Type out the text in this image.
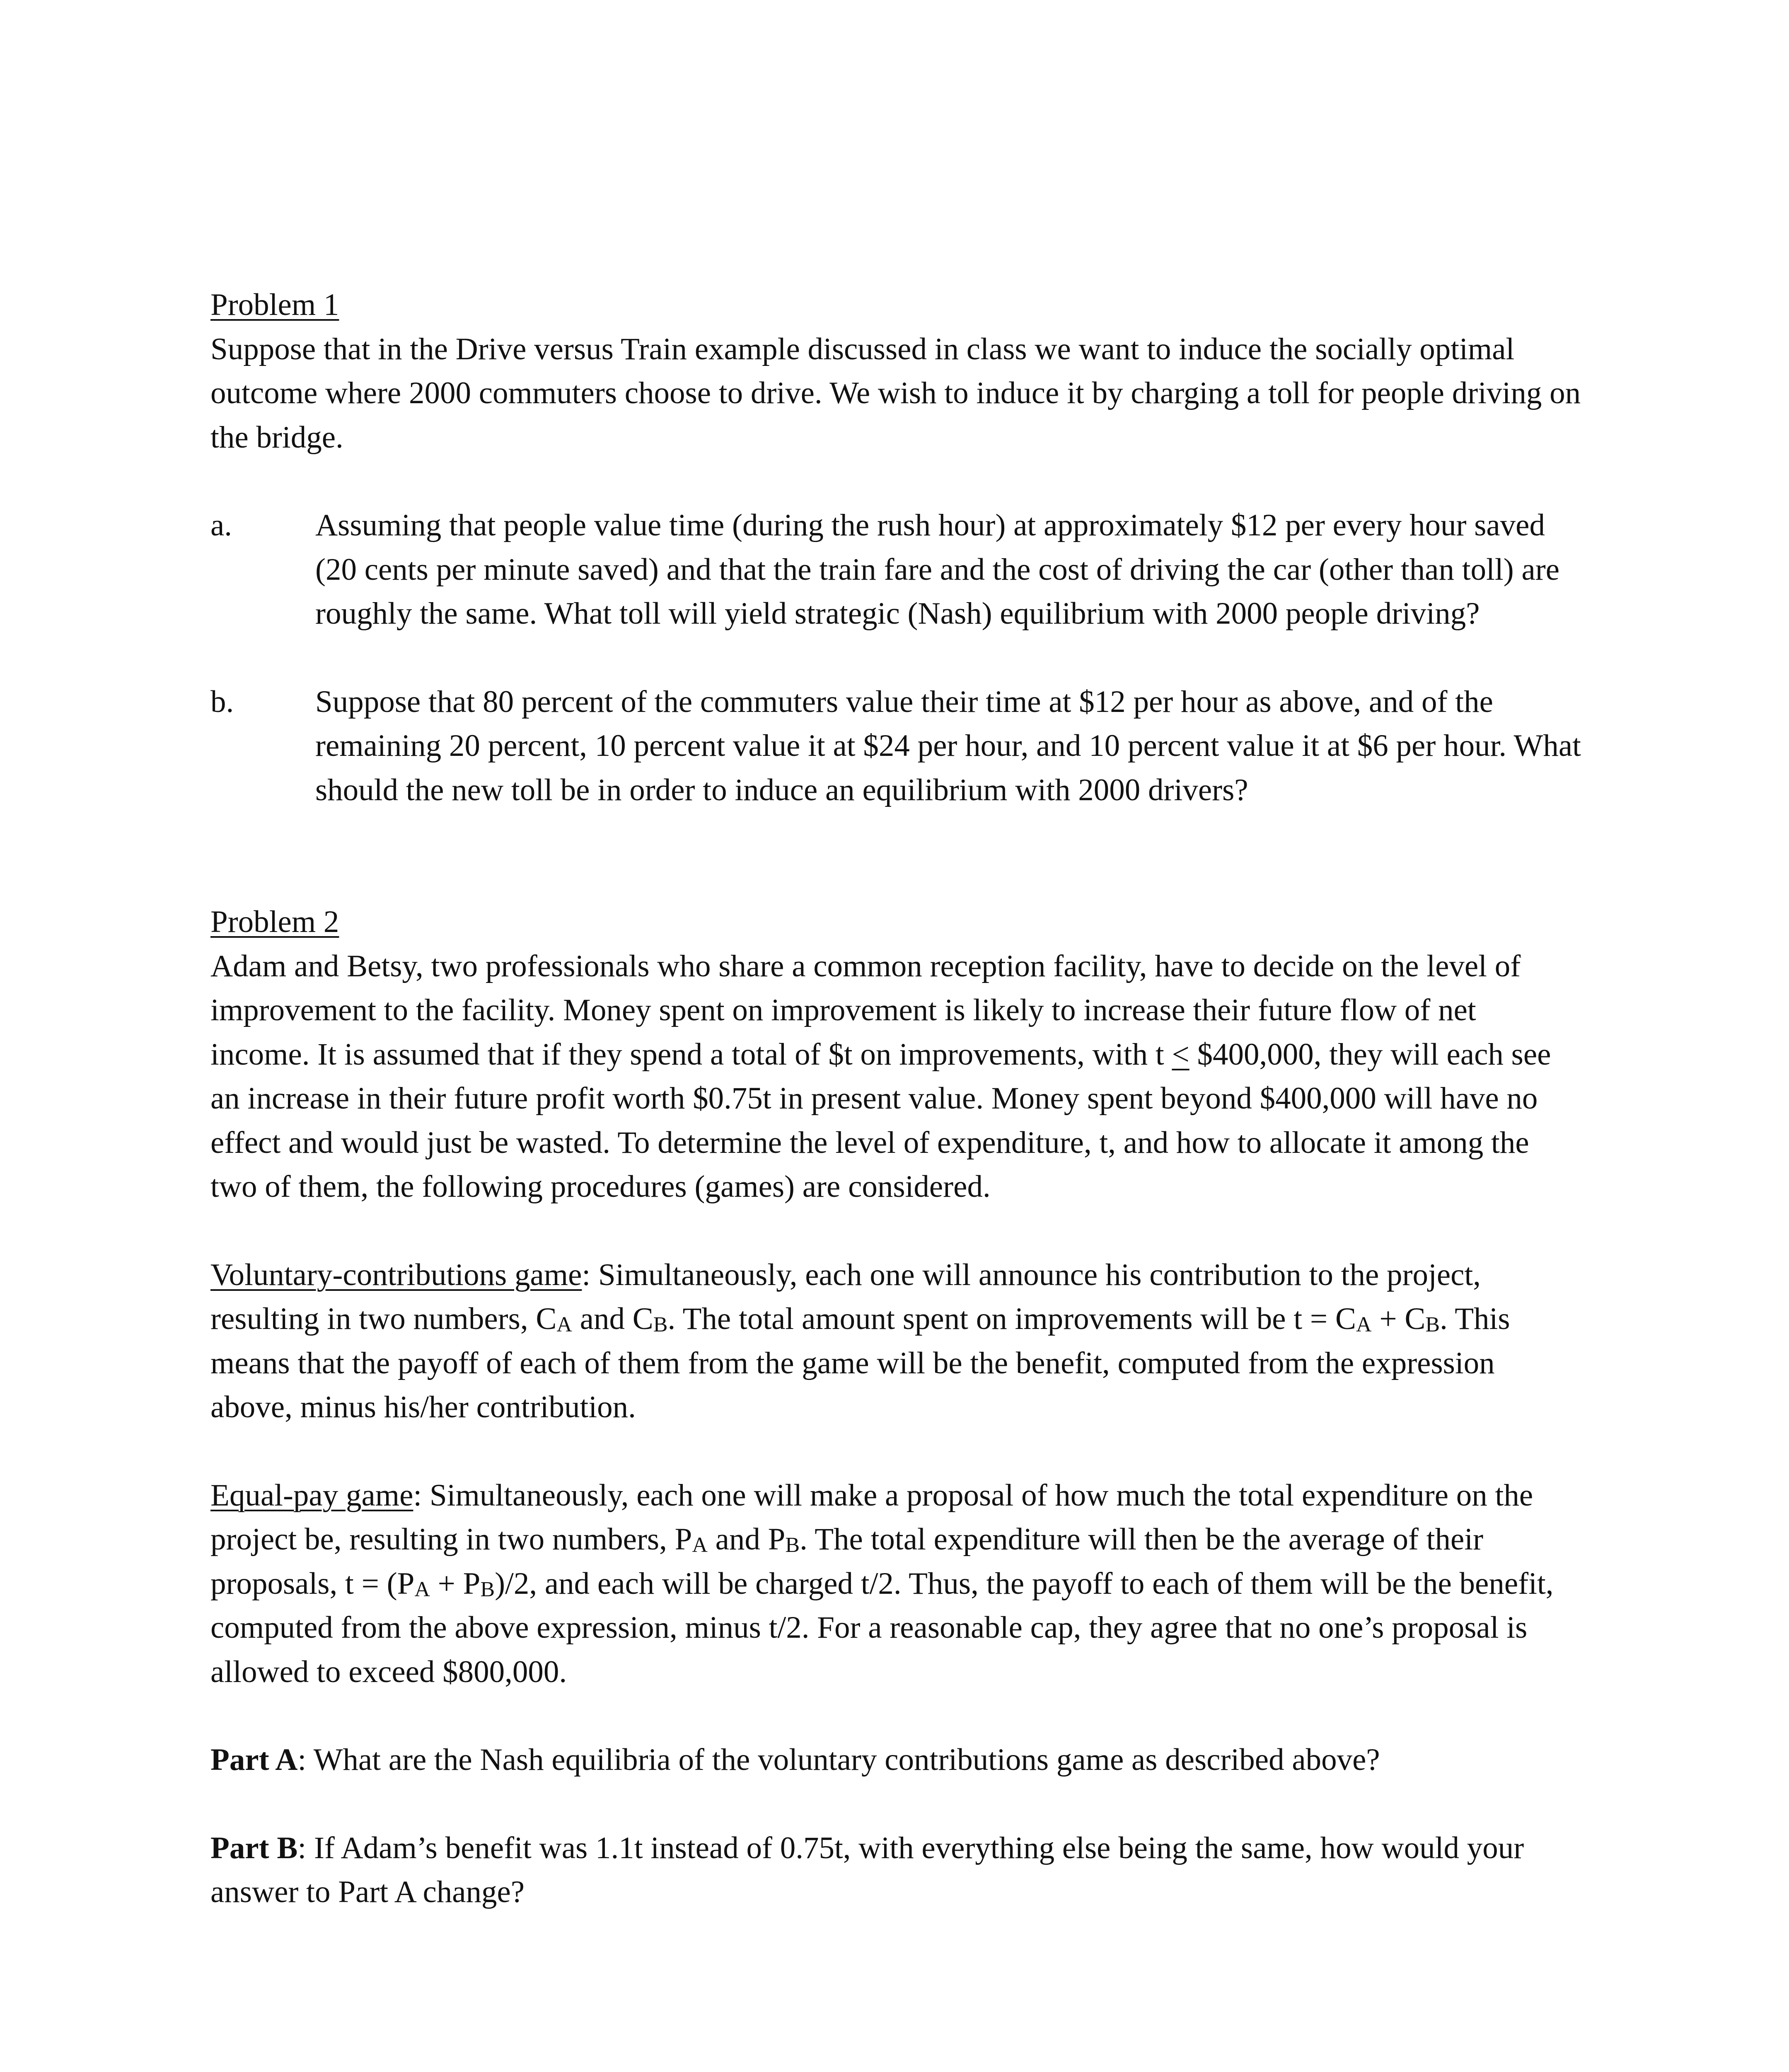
Problem 1

Suppose that in the Drive versus Train example discussed in class we want to induce the socially optimal outcome where 2000 commuters choose to drive. We wish to induce it by charging a toll for people driving on the bridge.

a.	Assuming that people value time (during the rush hour) at approximately $12 per every hour saved (20 cents per minute saved) and that the train fare and the cost of driving the car (other than toll) are roughly the same. What toll will yield strategic (Nash) equilibrium with 2000 people driving?
b.	Suppose that 80 percent of the commuters value their time at $12 per hour as above, and of the remaining 20 percent, 10 percent value it at $24 per hour, and 10 percent value it at $6 per hour. What should the new toll be in order to induce an equilibrium with 2000 drivers?

Problem 2

Adam and Betsy, two professionals who share a common reception facility, have to decide on the level of improvement to the facility. Money spent on improvement is likely to increase their future flow of net income. It is assumed that if they spend a total of $t on improvements, with t ≤ $400,000, they will each see an increase in their future profit worth $0.75t in present value. Money spent beyond $400,000 will have no effect and would just be wasted. To determine the level of expenditure, t, and how to allocate it among the two of them, the following procedures (games) are considered.

Voluntary-contributions game: Simultaneously, each one will announce his contribution to the project, resulting in two numbers, $C_A$ and $C_B$. The total amount spent on improvements will be $t = C_A + C_B$. This means that the payoff of each of them from the game will be the benefit, computed from the expression above, minus his/her contribution.

Equal-pay game: Simultaneously, each one will make a proposal of how much the total expenditure on the project be, resulting in two numbers, $P_A$ and $P_B$. The total expenditure will then be the average of their proposals, $t = (P_A + P_B)/2$, and each will be charged t/2. Thus, the payoff to each of them will be the benefit, computed from the above expression, minus t/2. For a reasonable cap, they agree that no one’s proposal is allowed to exceed $800,000.

Part A: What are the Nash equilibria of the voluntary contributions game as described above?

Part B: If Adam’s benefit was 1.1t instead of 0.75t, with everything else being the same, how would your answer to Part A change?
